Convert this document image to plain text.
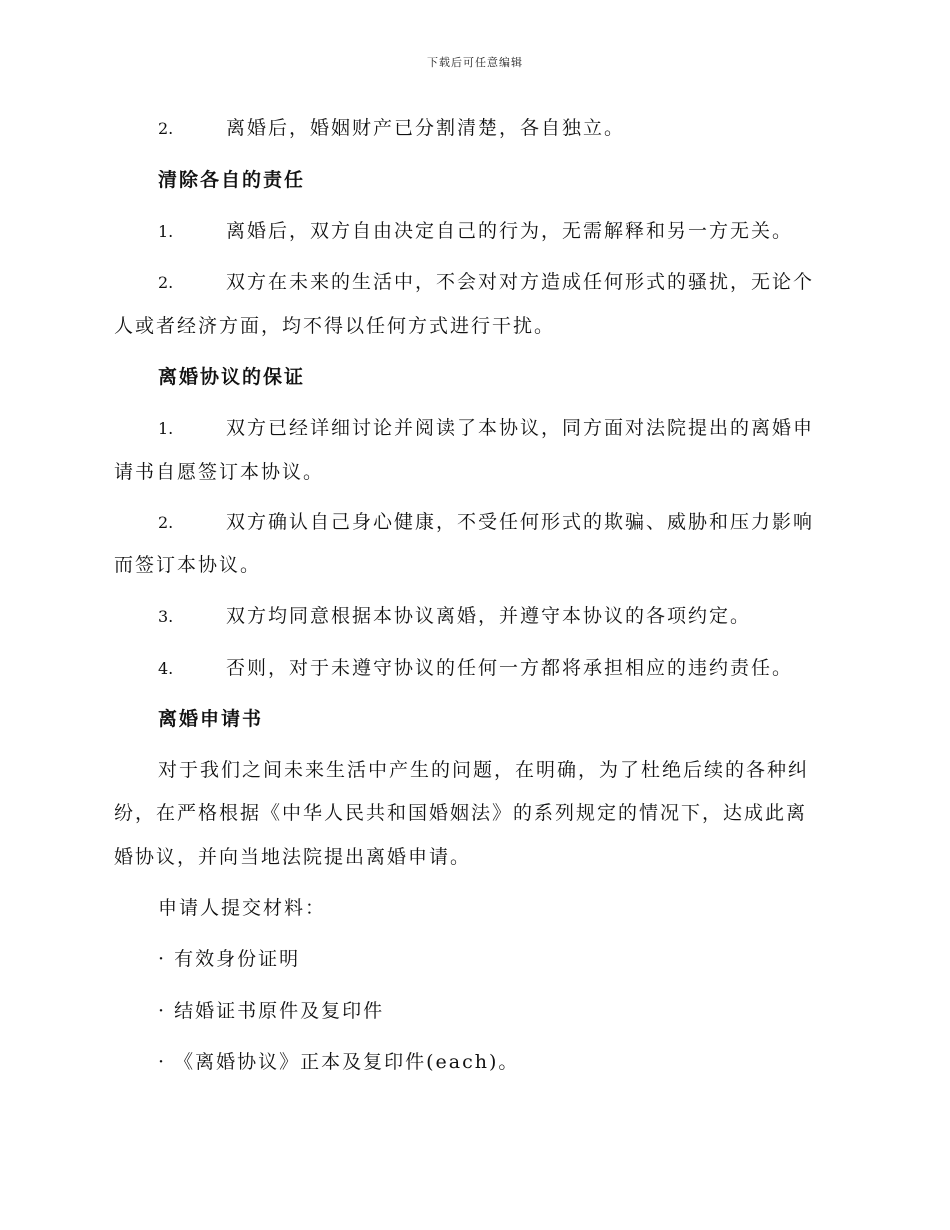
下载后可任意编辑
2.	离婚后，婚姻财产已分割清楚，各自独立。
清除各自的责任
1.	离婚后，双方自由决定自己的行为，无需解释和另一方无关。
2.	双方在未来的生活中，不会对对方造成任何形式的骚扰，无论个
人或者经济方面，均不得以任何方式进行干扰。
离婚协议的保证
1.	双方已经详细讨论并阅读了本协议，同方面对法院提出的离婚申
请书自愿签订本协议。
2.	双方确认自己身心健康，不受任何形式的欺骗、威胁和压力影响
而签订本协议。
3.	双方均同意根据本协议离婚，并遵守本协议的各项约定。
4.	否则，对于未遵守协议的任何一方都将承担相应的违约责任。
离婚申请书
对于我们之间未来生活中产生的问题，在明确，为了杜绝后续的各种纠
纷，在严格根据《中华人民共和国婚姻法》的系列规定的情况下，达成此离
婚协议，并向当地法院提出离婚申请。
申请人提交材料：
· 有效身份证明
· 结婚证书原件及复印件
· 《离婚协议》正本及复印件(each)。
